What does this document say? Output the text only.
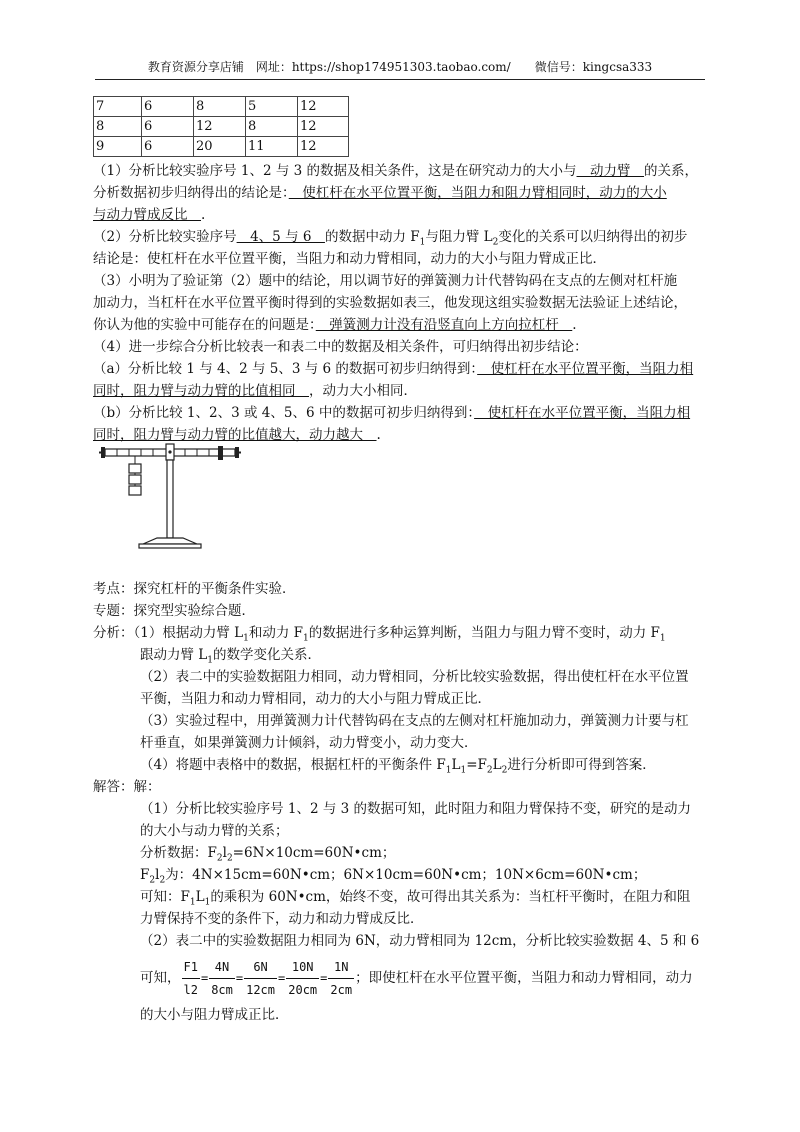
教育资源分享店铺　网址：https://shop174951303.taobao.com/　　微信号：kingcsa333
7	6	8	5	12
8	6	12	8	12
9	6	20	11	12
（1）分析比较实验序号 1、2 与 3 的数据及相关条件，这是在研究动力的大小与　动力臂　的关系，
分析数据初步归纳得出的结论是：　使杠杆在水平位置平衡，当阻力和阻力臂相同时，动力的大小
与动力臂成反比　.
（2）分析比较实验序号　4、5 与 6　的数据中动力 $F_1$与阻力臂 $L_2$变化的关系可以归纳得出的初步
结论是：使杠杆在水平位置平衡，当阻力和动力臂相同，动力的大小与阻力臂成正比．
（3）小明为了验证第（2）题中的结论，用以调节好的弹簧测力计代替钩码在支点的左侧对杠杆施
加动力，当杠杆在水平位置平衡时得到的实验数据如表三，他发现这组实验数据无法验证上述结论，
你认为他的实验中可能存在的问题是：　弹簧测力计没有沿竖直向上方向拉杠杆　.
（4）进一步综合分析比较表一和表二中的数据及相关条件，可归纳得出初步结论：
（a）分析比较 1 与 4、2 与 5、3 与 6 的数据可初步归纳得到：　使杠杆在水平位置平衡，当阻力相
同时，阻力臂与动力臂的比值相同　，动力大小相同．
（b）分析比较 1、2、3 或 4、5、6 中的数据可初步归纳得到：　使杠杆在水平位置平衡，当阻力相
同时，阻力臂与动力臂的比值越大，动力越大　.
考点：探究杠杆的平衡条件实验．
专题：探究型实验综合题．
分析：（1）根据动力臂 $L_1$和动力 $F_1$的数据进行多种运算判断，当阻力与阻力臂不变时，动力 $F_1$
跟动力臂 $L_1$的数学变化关系．
（2）表二中的实验数据阻力相同，动力臂相同，分析比较实验数据，得出使杠杆在水平位置
平衡，当阻力和动力臂相同，动力的大小与阻力臂成正比．
（3）实验过程中，用弹簧测力计代替钩码在支点的左侧对杠杆施加动力，弹簧测力计要与杠
杆垂直，如果弹簧测力计倾斜，动力臂变小，动力变大．
（4）将题中表格中的数据，根据杠杆的平衡条件 $F_1L_1=F_2L_2$进行分析即可得到答案．
解答：解：
（1）分析比较实验序号 1、2 与 3 的数据可知，此时阻力和阻力臂保持不变，研究的是动力
的大小与动力臂的关系；
分析数据：$F_2l_2=6N\times 10cm=60N•cm$；
$F_2l_2$为：4N×15cm=60N•cm；6N×10cm=60N•cm；10N×6cm=60N•cm；
可知：$F_1L_1$的乘积为 60N•cm，始终不变，故可得出其关系为：当杠杆平衡时，在阻力和阻
力臂保持不变的条件下，动力和动力臂成反比．
（2）表二中的实验数据阻力相同为 6N，动力臂相同为 12cm，分析比较实验数据 4、5 和 6
可知， $\frac{F1}{l2} = \frac{4N}{8cm} = \frac{6N}{12cm} = \frac{10N}{20cm} = \frac{1N}{2cm}$ ；即使杠杆在水平位置平衡，当阻力和动力臂相同，动力
的大小与阻力臂成正比．
